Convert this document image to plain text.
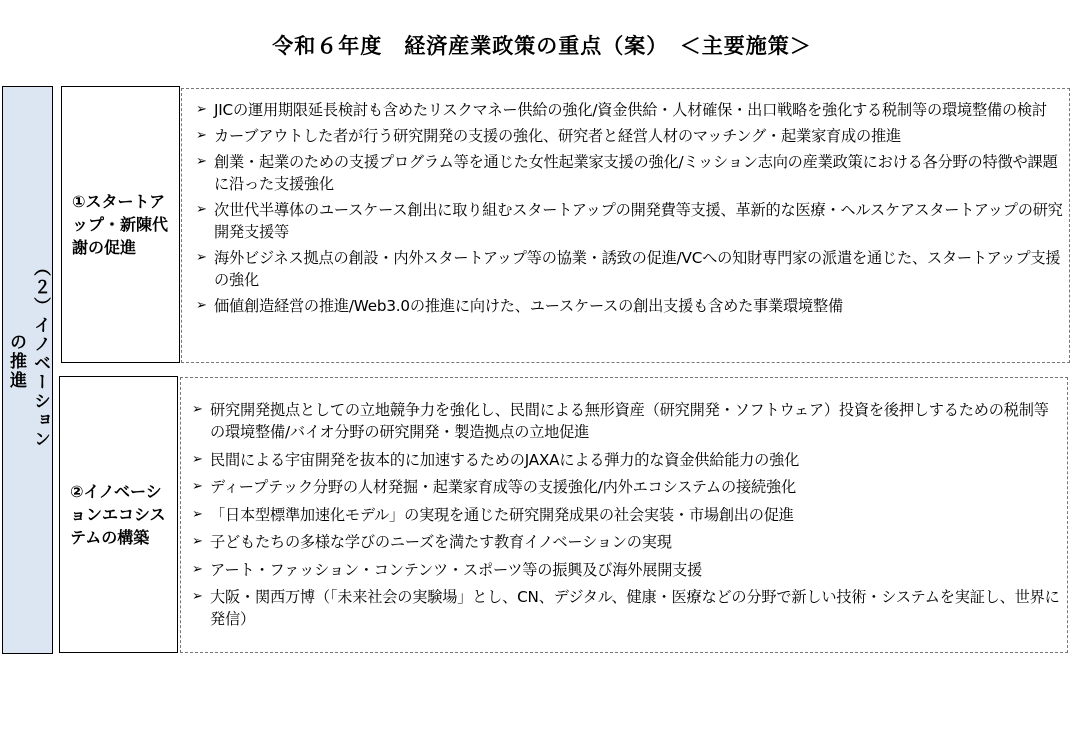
令和６年度　経済産業政策の重点（案）　＜主要施策＞
（２）イノベーション
の推進
①スタートアップ・新陳代謝の促進
➢ JICの運用期限延長検討も含めたリスクマネー供給の強化/資金供給・人材確保・出口戦略を強化する税制等の環境整備の検討
➢ カーブアウトした者が行う研究開発の支援の強化、研究者と経営人材のマッチング・起業家育成の推進
➢ 創業・起業のための支援プログラム等を通じた女性起業家支援の強化/ミッション志向の産業政策における各分野の特徴や課題に沿った支援強化
➢ 次世代半導体のユースケース創出に取り組むスタートアップの開発費等支援、革新的な医療・ヘルスケアスタートアップの研究開発支援等
➢ 海外ビジネス拠点の創設・内外スタートアップ等の協業・誘致の促進/VCへの知財専門家の派遣を通じた、スタートアップ支援の強化
➢ 価値創造経営の推進/Web3.0の推進に向けた、ユースケースの創出支援も含めた事業環境整備
②イノベーションエコシステムの構築
➢ 研究開発拠点としての立地競争力を強化し、民間による無形資産（研究開発・ソフトウェア）投資を後押しするための税制等の環境整備/バイオ分野の研究開発・製造拠点の立地促進
➢ 民間による宇宙開発を抜本的に加速するためのJAXAによる弾力的な資金供給能力の強化
➢ ディープテック分野の人材発掘・起業家育成等の支援強化/内外エコシステムの接続強化
➢ 「日本型標準加速化モデル」の実現を通じた研究開発成果の社会実装・市場創出の促進
➢ 子どもたちの多様な学びのニーズを満たす教育イノベーションの実現
➢ アート・ファッション・コンテンツ・スポーツ等の振興及び海外展開支援
➢ 大阪・関西万博（「未来社会の実験場」とし、CN、デジタル、健康・医療などの分野で新しい技術・システムを実証し、世界に発信）
